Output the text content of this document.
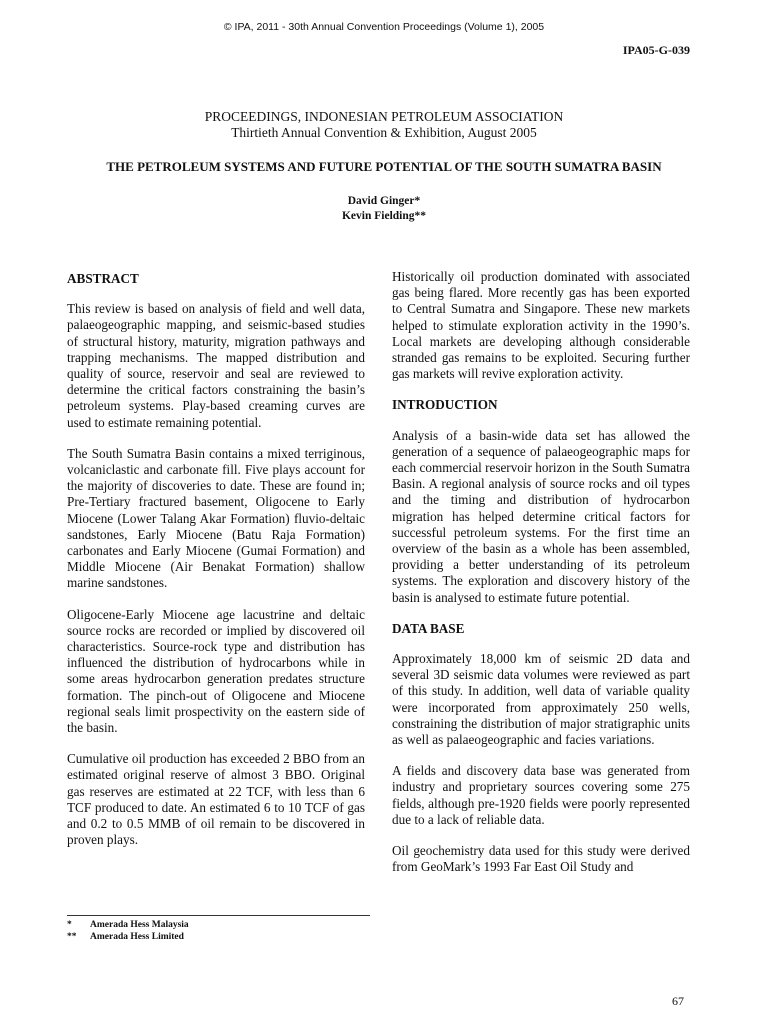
© IPA, 2011 - 30th Annual Convention Proceedings (Volume 1), 2005
IPA05-G-039
PROCEEDINGS, INDONESIAN PETROLEUM ASSOCIATION
Thirtieth Annual Convention & Exhibition, August 2005
THE PETROLEUM SYSTEMS AND FUTURE POTENTIAL OF THE SOUTH SUMATRA BASIN
David Ginger*
Kevin Fielding**
ABSTRACT

This review is based on analysis of field and well data, palaeogeographic mapping, and seismic-based studies of structural history, maturity, migration pathways and trapping mechanisms. The mapped distribution and quality of source, reservoir and seal are reviewed to determine the critical factors constraining the basin’s petroleum systems. Play-based creaming curves are used to estimate remaining potential.

The South Sumatra Basin contains a mixed terriginous, volcaniclastic and carbonate fill. Five plays account for the majority of discoveries to date. These are found in; Pre-Tertiary fractured basement, Oligocene to Early Miocene (Lower Talang Akar Formation) fluvio-deltaic sandstones, Early Miocene (Batu Raja Formation) carbonates and Early Miocene (Gumai Formation) and Middle Miocene (Air Benakat Formation) shallow marine sandstones.

Oligocene-Early Miocene age lacustrine and deltaic source rocks are recorded or implied by discovered oil characteristics. Source-rock type and distribution has influenced the distribution of hydrocarbons while in some areas hydrocarbon generation predates structure formation. The pinch-out of Oligocene and Miocene regional seals limit prospectivity on the eastern side of the basin.

Cumulative oil production has exceeded 2 BBO from an estimated original reserve of almost 3 BBO. Original gas reserves are estimated at 22 TCF, with less than 6 TCF produced to date. An estimated 6 to 10 TCF of gas and 0.2 to 0.5 MMB of oil remain to be discovered in proven plays.

Historically oil production dominated with associated gas being flared. More recently gas has been exported to Central Sumatra and Singapore. These new markets helped to stimulate exploration activity in the 1990’s. Local markets are developing although considerable stranded gas remains to be exploited. Securing further gas markets will revive exploration activity.

INTRODUCTION

Analysis of a basin-wide data set has allowed the generation of a sequence of palaeogeographic maps for each commercial reservoir horizon in the South Sumatra Basin. A regional analysis of source rocks and oil types and the timing and distribution of hydrocarbon migration has helped determine critical factors for successful petroleum systems. For the first time an overview of the basin as a whole has been assembled, providing a better understanding of its petroleum systems. The exploration and discovery history of the basin is analysed to estimate future potential.

DATA BASE

Approximately 18,000 km of seismic 2D data and several 3D seismic data volumes were reviewed as part of this study. In addition, well data of variable quality were incorporated from approximately 250 wells, constraining the distribution of major stratigraphic units as well as palaeogeographic and facies variations.

A fields and discovery data base was generated from industry and proprietary sources covering some 275 fields, although pre-1920 fields were poorly represented due to a lack of reliable data.

Oil geochemistry data used for this study were derived from GeoMark’s 1993 Far East Oil Study and

*	Amerada Hess Malaysia
**	Amerada Hess Limited
67
